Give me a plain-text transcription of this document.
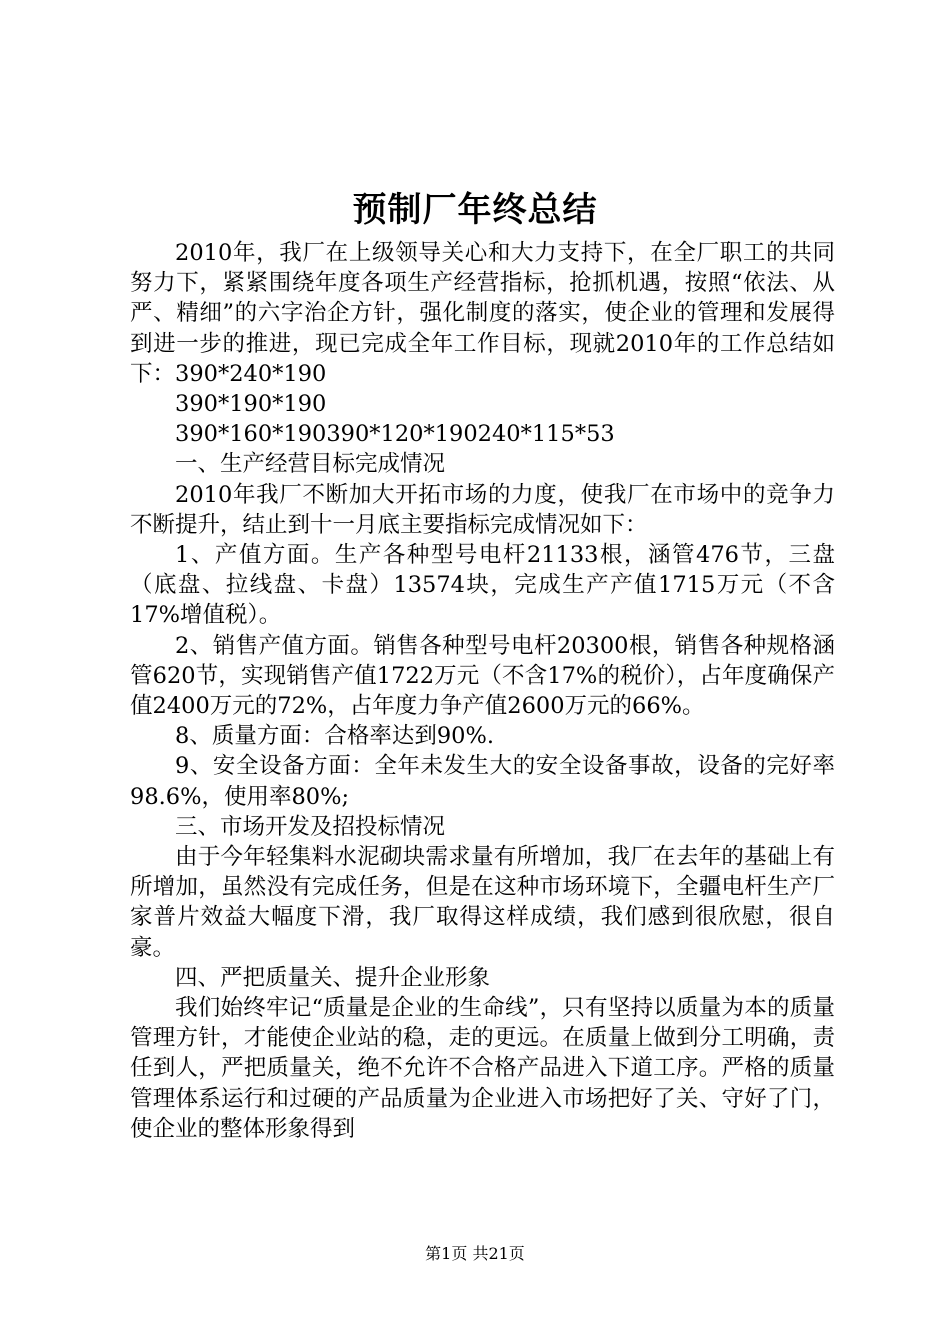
预制厂年终总结

2010年，我厂在上级领导关心和大力支持下，在全厂职工的共同努力下，紧紧围绕年度各项生产经营指标，抢抓机遇，按照“依法、从严、精细”的六字治企方针，强化制度的落实，使企业的管理和发展得到进一步的推进，现已完成全年工作目标，现就2010年的工作总结如下：390*240*190

390*190*190

390*160*190390*120*190240*115*53

一、生产经营目标完成情况

2010年我厂不断加大开拓市场的力度，使我厂在市场中的竞争力不断提升，结止到十一月底主要指标完成情况如下：

1、产值方面。生产各种型号电杆21133根，涵管476节，三盘（底盘、拉线盘、卡盘）13574块，完成生产产值1715万元（不含17%增值税）。

2、销售产值方面。销售各种型号电杆20300根，销售各种规格涵管620节，实现销售产值1722万元（不含17%的税价），占年度确保产值2400万元的72%，占年度力争产值2600万元的66%。

8、质量方面：合格率达到90%.

9、安全设备方面：全年未发生大的安全设备事故，设备的完好率98.6%，使用率80%;

三、市场开发及招投标情况

由于今年轻集料水泥砌块需求量有所增加，我厂在去年的基础上有所增加，虽然没有完成任务，但是在这种市场环境下，全疆电杆生产厂家普片效益大幅度下滑，我厂取得这样成绩，我们感到很欣慰，很自豪。

四、严把质量关、提升企业形象

我们始终牢记“质量是企业的生命线”，只有坚持以质量为本的质量管理方针，才能使企业站的稳，走的更远。在质量上做到分工明确，责任到人，严把质量关，绝不允许不合格产品进入下道工序。严格的质量管理体系运行和过硬的产品质量为企业进入市场把好了关、守好了门，使企业的整体形象得到

第1页 共21页
